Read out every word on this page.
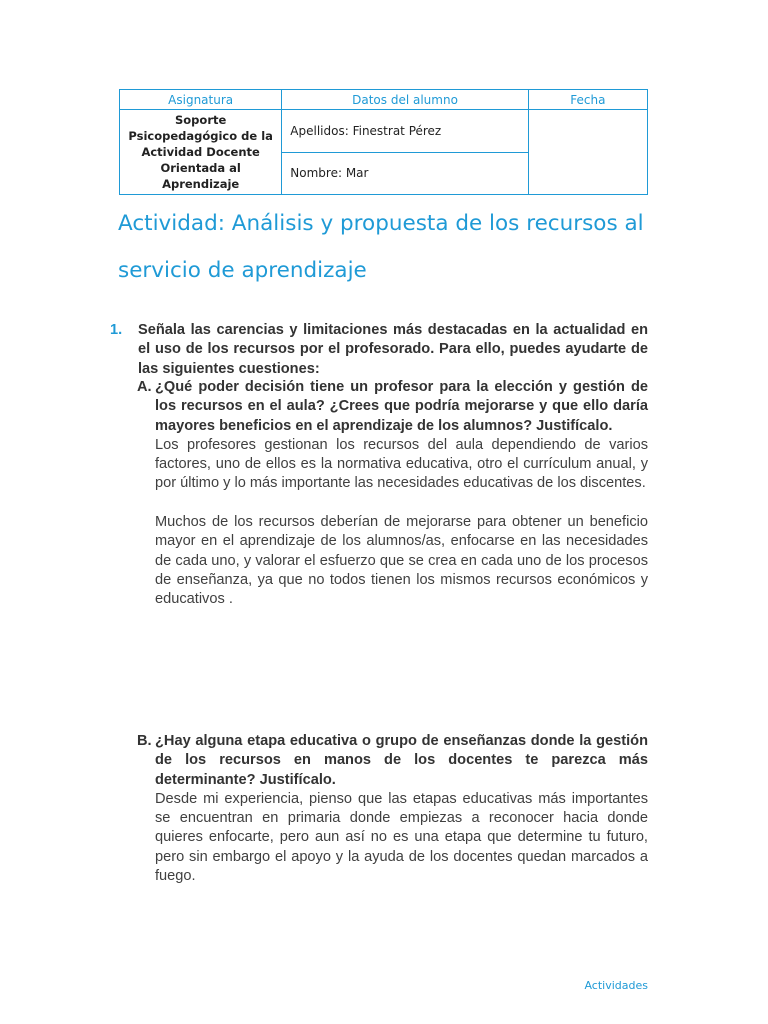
Asignatura	Datos del alumno	Fecha
Soporte Psicopedagógico de la Actividad Docente Orientada al Aprendizaje	Apellidos: Finestrat Pérez	
	Nombre: Mar	
Actividad: Análisis y propuesta de los recursos al servicio de aprendizaje
1. Señala las carencias y limitaciones más destacadas en la actualidad en el uso de los recursos por el profesorado. Para ello, puedes ayudarte de las siguientes cuestiones:
A. ¿Qué poder decisión tiene un profesor para la elección y gestión de los recursos en el aula? ¿Crees que podría mejorarse y que ello daría mayores beneficios en el aprendizaje de los alumnos? Justifícalo.

Los profesores gestionan los recursos del aula dependiendo de varios factores, uno de ellos es la normativa educativa, otro el currículum anual, y por último y lo más importante las necesidades educativas de los discentes.

Muchos de los recursos deberían de mejorarse para obtener un beneficio mayor en el aprendizaje de los alumnos/as, enfocarse en las necesidades de cada uno, y valorar el esfuerzo que se crea en cada uno de los procesos de enseñanza, ya que no todos tienen los mismos recursos económicos y educativos .

B. ¿Hay alguna etapa educativa o grupo de enseñanzas donde la gestión de los recursos en manos de los docentes te parezca más determinante? Justifícalo.

Desde mi experiencia, pienso que las etapas educativas más importantes se encuentran en primaria donde empiezas a reconocer hacia donde quieres enfocarte, pero aun así no es una etapa que determine tu futuro, pero sin embargo el apoyo y la ayuda de los docentes quedan marcados a fuego.

Actividades
